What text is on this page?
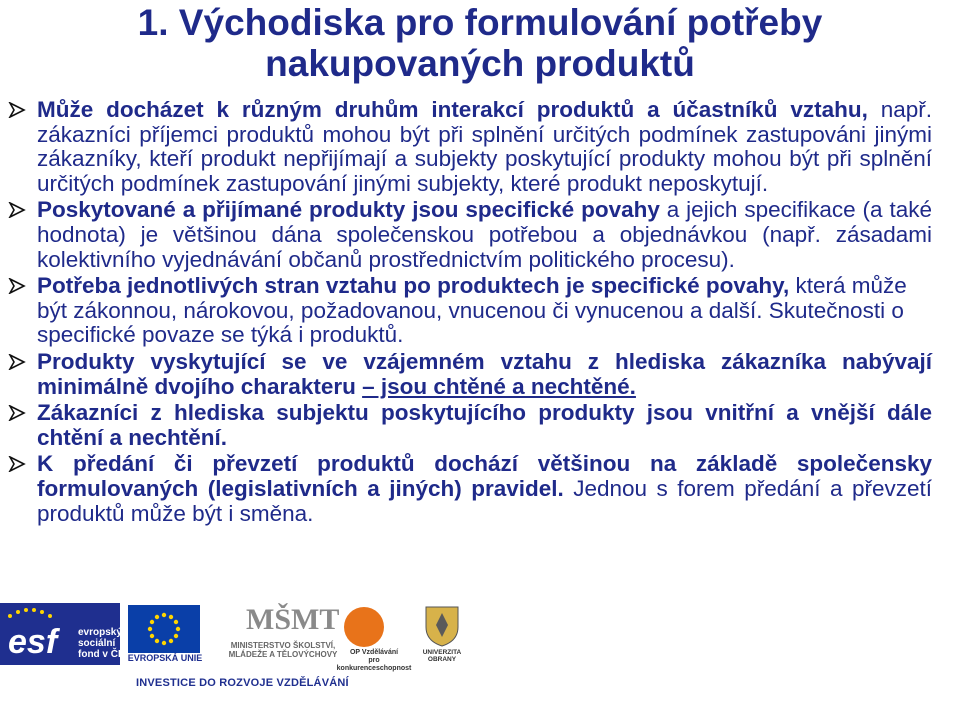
1. Východiska pro formulování potřeby
nakupovaných produktů
Může docházet k různým druhům interakcí produktů a účastníků vztahu, např. zákazníci příjemci produktů mohou být při splnění určitých podmínek zastupováni jinými zákazníky, kteří produkt nepřijímají a subjekty poskytující produkty mohou být při splnění určitých podmínek zastupování jinými subjekty, které produkt neposkytují.
Poskytované a přijímané produkty jsou specifické povahy a jejich specifikace (a také hodnota) je většinou dána společenskou potřebou a objednávkou (např. zásadami kolektivního vyjednávání občanů prostřednictvím politického procesu).
Potřeba jednotlivých stran vztahu po produktech je specifické povahy, která může být zákonnou, nárokovou, požadovanou, vnucenou či vynucenou a další. Skutečnosti o specifické povaze se týká i produktů.
Produkty vyskytující se ve vzájemném vztahu z hlediska zákazníka nabývají minimálně dvojího charakteru – jsou chtěné a nechtěné.
Zákazníci z hlediska subjektu poskytujícího produkty jsou vnitřní a vnější dále chtění a nechtění.
K předání či převzetí produktů dochází většinou na základě společensky formulovaných (legislativních a jiných) pravidel. Jednou s forem předání a převzetí produktů může být i směna.
esf evropský
sociální
fond v ČR EVROPSKÁ UNIE
MŠMT
MINISTERSTVO ŠKOLSTVÍ,
MLÁDEŽE A TĚLOVÝCHOVY	OP Vzdělávání
pro konkurenceschopnost
UNIVERZITA
OBRANY
INVESTICE DO ROZVOJE VZDĚLÁVÁNÍ
